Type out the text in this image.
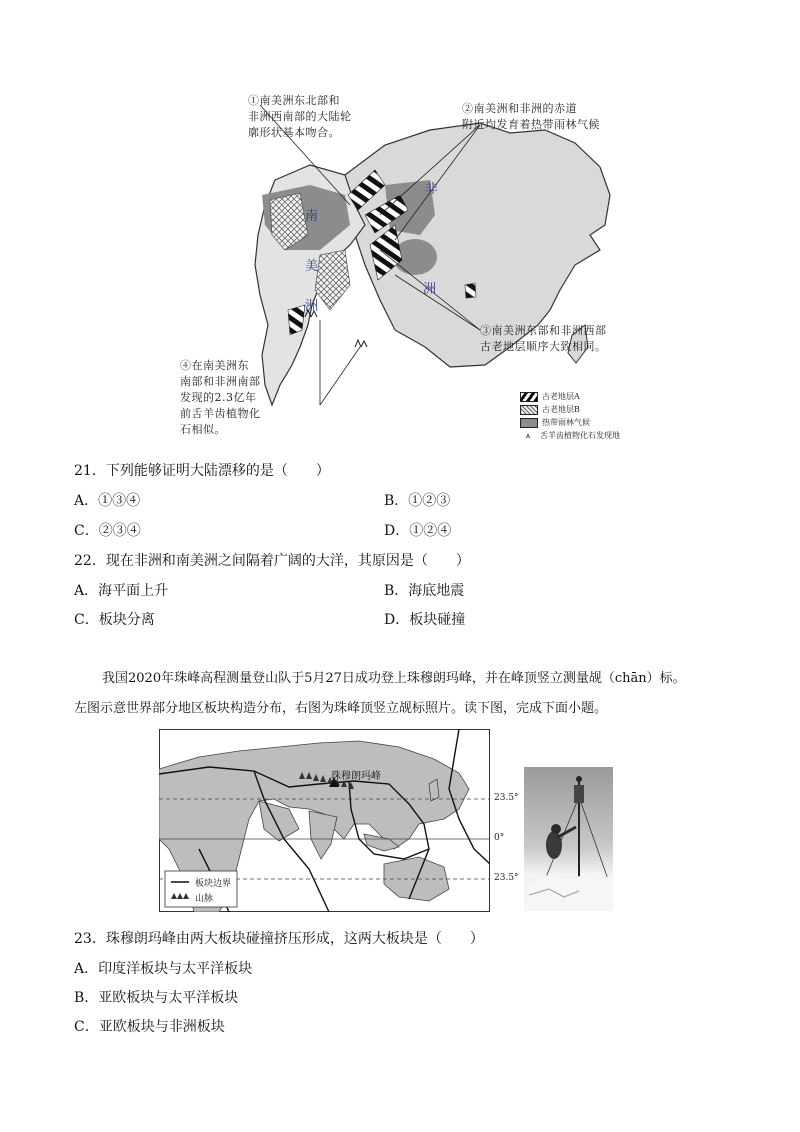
非
洲
南
美
洲
①南美洲东北部和
非洲西南部的大陆轮
廓形状基本吻合。
②南美洲和非洲的赤道
附近均发育着热带雨林气候
③南美洲东部和非洲西部
古老地层顺序大致相同。
④在南美洲东
南部和非洲南部
发现的2.3亿年
前舌羊齿植物化
石相似。
古老地层A
古老地层B
热带雨林气候
⩚	舌羊齿植物化石发现地
21．下列能够证明大陆漂移的是（　　）
A．①③④	B．①②③
C．②③④	D．①②④
22．现在非洲和南美洲之间隔着广阔的大洋，其原因是（　　）
A．海平面上升	B．海底地震
C．板块分离	D．板块碰撞
我国2020年珠峰高程测量登山队于5月27日成功登上珠穆朗玛峰，并在峰顶竖立测量觇（chān）标。
左图示意世界部分地区板块构造分布，右图为珠峰顶竖立觇标照片。读下图，完成下面小题。
珠穆朗玛峰
23.5°
0°
23.5°
板块边界
山脉
23．珠穆朗玛峰由两大板块碰撞挤压形成，这两大板块是（　　）
A．印度洋板块与太平洋板块
B．亚欧板块与太平洋板块
C．亚欧板块与非洲板块
